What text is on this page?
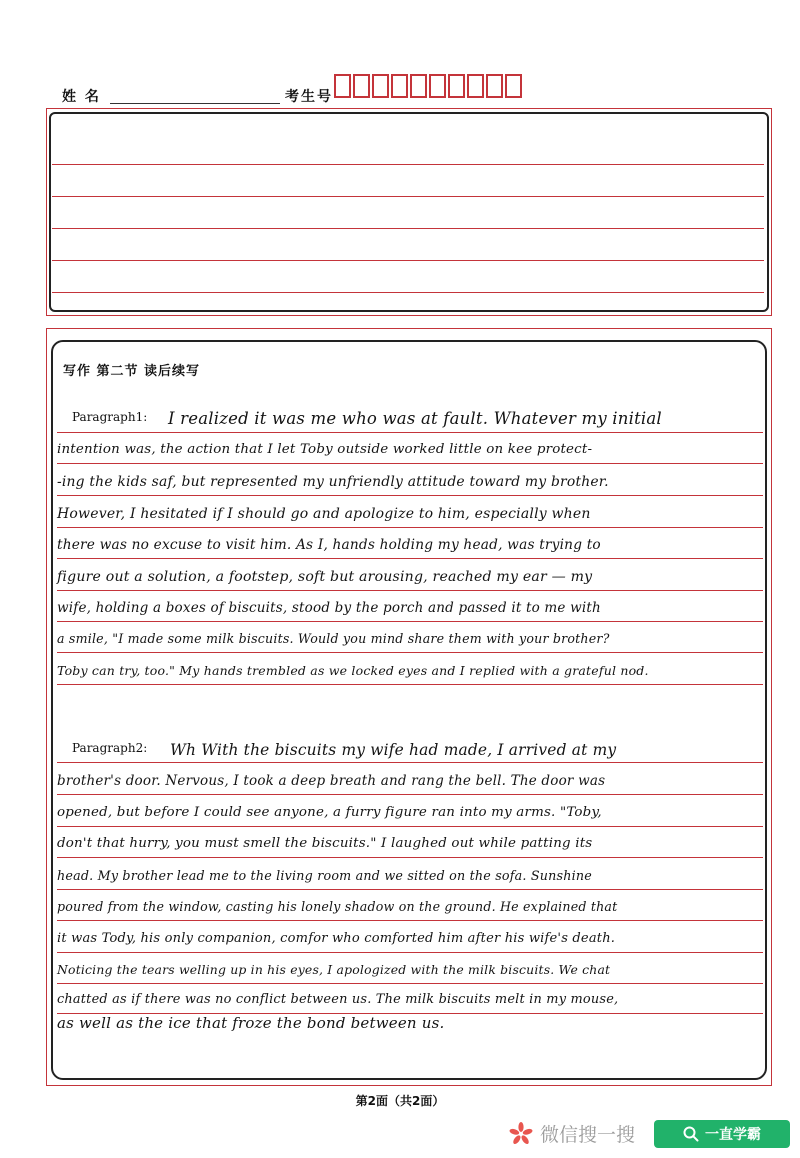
姓 名	考生号
写作 第二节 读后续写
Paragraph1: I realized it was me who was at fault. Whatever my initial
intention was, the action that I let Toby outside worked little on kee protect-
-ing the kids saf, but represented my unfriendly attitude toward my brother.
However, I hesitated if I should go and apologize to him, especially when
there was no excuse to visit him. As I, hands holding my head, was trying to
figure out a solution, a footstep, soft but arousing, reached my ear — my
wife, holding a boxes of biscuits, stood by the porch and passed it to me with
a smile, "I made some milk biscuits. Would you mind share them with your brother?
Toby can try, too." My hands trembled as we locked eyes and I replied with a grateful nod.
Paragraph2: Wh With the biscuits my wife had made, I arrived at my
brother's door. Nervous, I took a deep breath and rang the bell. The door was
opened, but before I could see anyone, a furry figure ran into my arms. "Toby,
don't that hurry, you must smell the biscuits." I laughed out while patting its
head. My brother lead me to the living room and we sitted on the sofa. Sunshine
poured from the window, casting his lonely shadow on the ground. He explained that
it was Tody, his only companion, comfor who comforted him after his wife's death.
Noticing the tears welling up in his eyes, I apologized with the milk biscuits. We chat
chatted as if there was no conflict between us. The milk biscuits melt in my mouse,
as well as the ice that froze the bond between us.
第2面（共2面）
微信搜一搜	一直学霸
